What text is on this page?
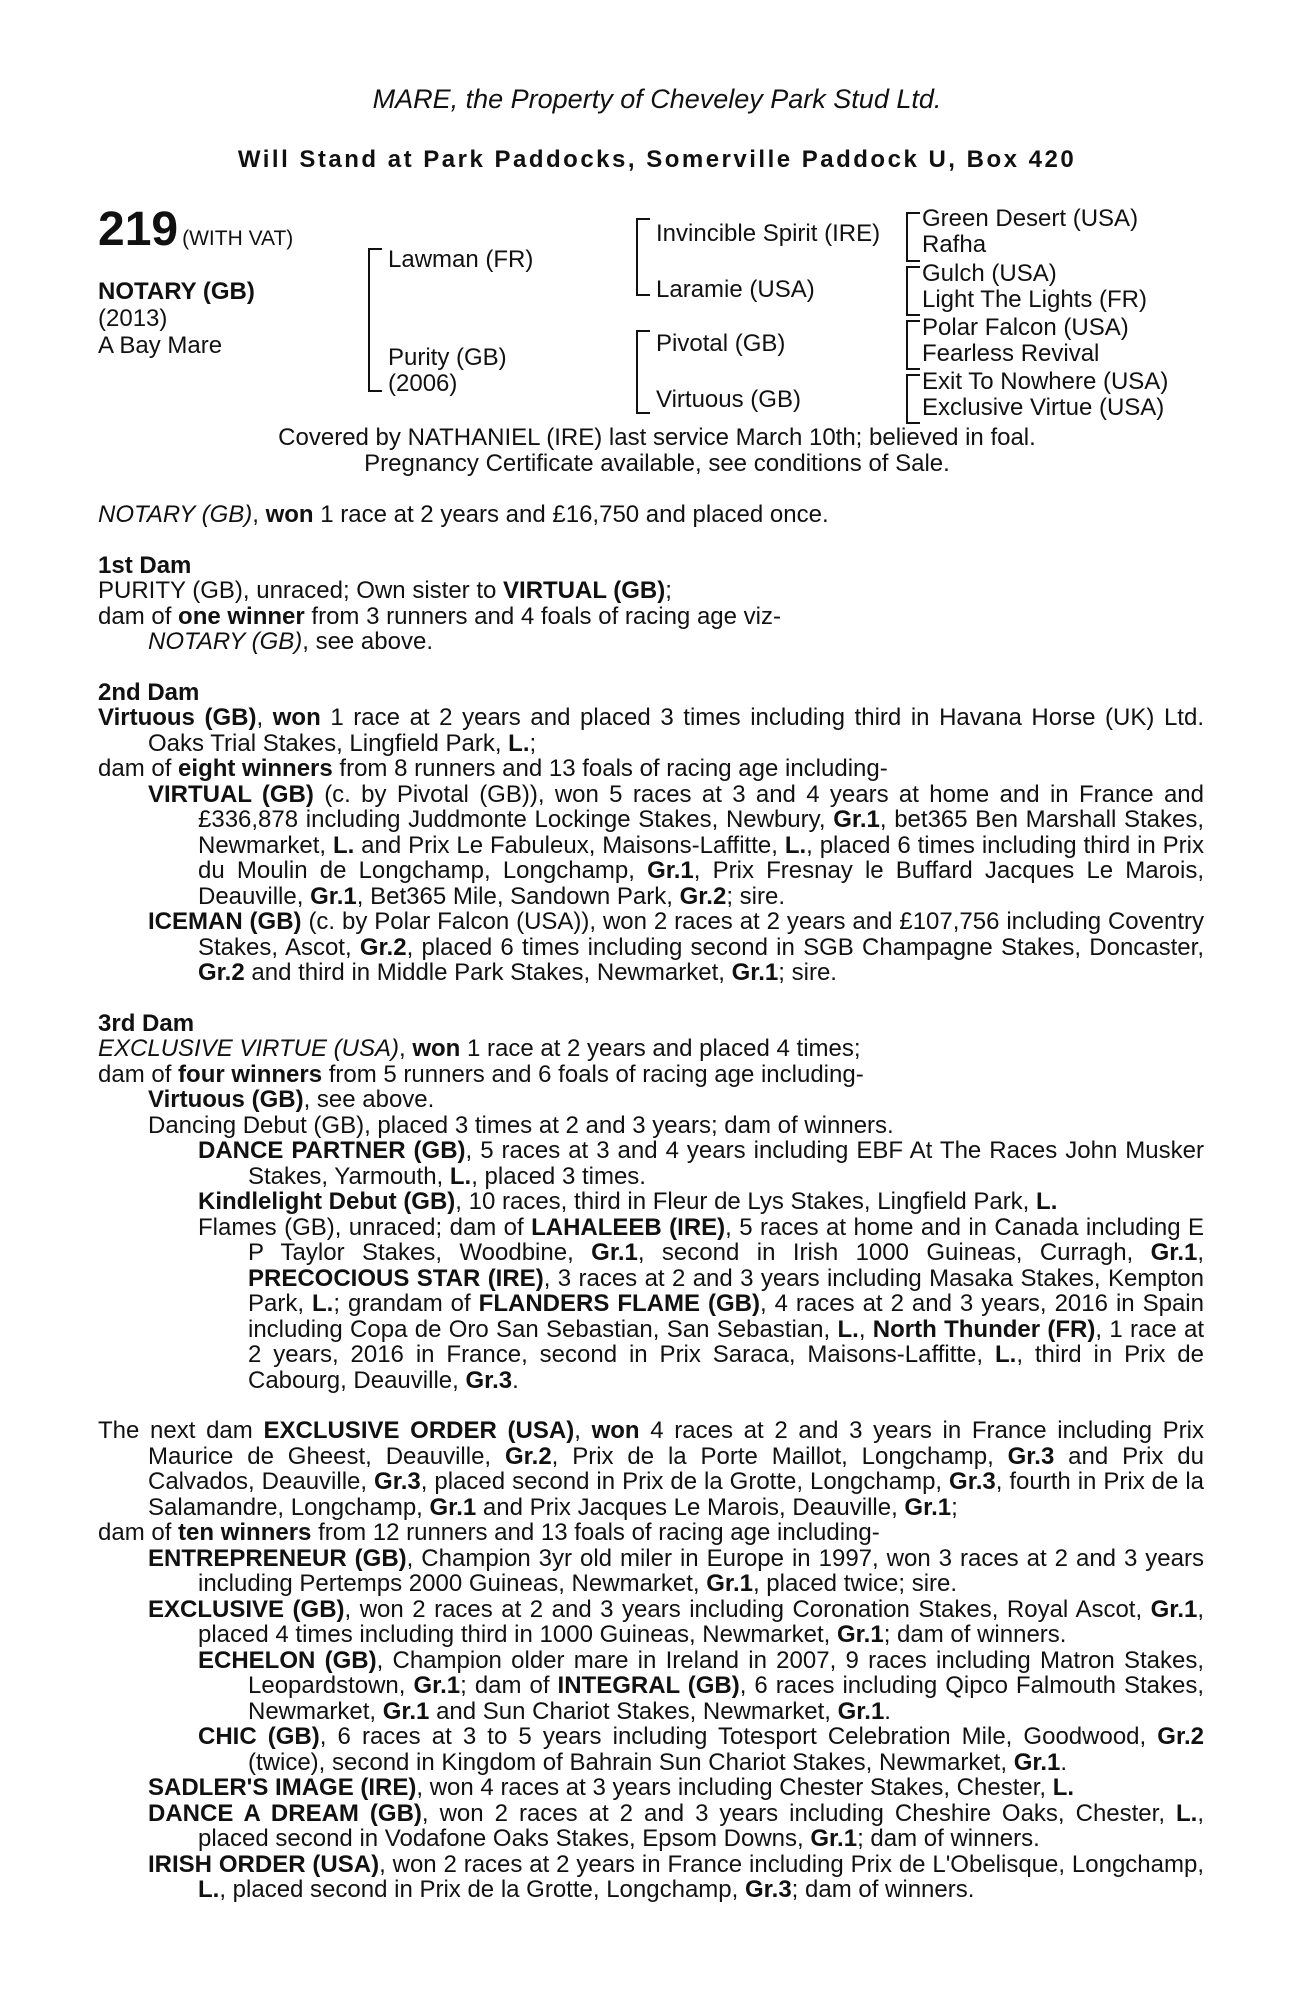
MARE, the Property of Cheveley Park Stud Ltd.
Will Stand at Park Paddocks, Somerville Paddock U, Box 420
219 (WITH VAT)
NOTARY (GB)
(2013)
A Bay Mare
Lawman (FR)
Purity (GB)
(2006)
Invincible Spirit (IRE)
Laramie (USA)
Pivotal (GB)
Virtuous (GB)
Green Desert (USA)
Rafha
Gulch (USA)
Light The Lights (FR)
Polar Falcon (USA)
Fearless Revival
Exit To Nowhere (USA)
Exclusive Virtue (USA)
Covered by NATHANIEL (IRE) last service March 10th; believed in foal.
Pregnancy Certificate available, see conditions of Sale.

NOTARY (GB), won 1 race at 2 years and £16,750 and placed once.

1st Dam

PURITY (GB), unraced; Own sister to VIRTUAL (GB);

dam of one winner from 3 runners and 4 foals of racing age viz-

NOTARY (GB), see above.

2nd Dam

Virtuous (GB), won 1 race at 2 years and placed 3 times including third in Havana Horse (UK) Ltd. Oaks Trial Stakes, Lingfield Park, L.;

dam of eight winners from 8 runners and 13 foals of racing age including-

VIRTUAL (GB) (c. by Pivotal (GB)), won 5 races at 3 and 4 years at home and in France and £336,878 including Juddmonte Lockinge Stakes, Newbury, Gr.1, bet365 Ben Marshall Stakes, Newmarket, L. and Prix Le Fabuleux, Maisons-Laffitte, L., placed 6 times including third in Prix du Moulin de Longchamp, Longchamp, Gr.1, Prix Fresnay le Buffard Jacques Le Marois, Deauville, Gr.1, Bet365 Mile, Sandown Park, Gr.2; sire.

ICEMAN (GB) (c. by Polar Falcon (USA)), won 2 races at 2 years and £107,756 including Coventry Stakes, Ascot, Gr.2, placed 6 times including second in SGB Champagne Stakes, Doncaster, Gr.2 and third in Middle Park Stakes, Newmarket, Gr.1; sire.

3rd Dam

EXCLUSIVE VIRTUE (USA), won 1 race at 2 years and placed 4 times;

dam of four winners from 5 runners and 6 foals of racing age including-

Virtuous (GB), see above.

Dancing Debut (GB), placed 3 times at 2 and 3 years; dam of winners.

DANCE PARTNER (GB), 5 races at 3 and 4 years including EBF At The Races John Musker Stakes, Yarmouth, L., placed 3 times.

Kindlelight Debut (GB), 10 races, third in Fleur de Lys Stakes, Lingfield Park, L.

Flames (GB), unraced; dam of LAHALEEB (IRE), 5 races at home and in Canada including E P Taylor Stakes, Woodbine, Gr.1, second in Irish 1000 Guineas, Curragh, Gr.1, PRECOCIOUS STAR (IRE), 3 races at 2 and 3 years including Masaka Stakes, Kempton Park, L.; grandam of FLANDERS FLAME (GB), 4 races at 2 and 3 years, 2016 in Spain including Copa de Oro San Sebastian, San Sebastian, L., North Thunder (FR), 1 race at 2 years, 2016 in France, second in Prix Saraca, Maisons-Laffitte, L., third in Prix de Cabourg, Deauville, Gr.3.

The next dam EXCLUSIVE ORDER (USA), won 4 races at 2 and 3 years in France including Prix Maurice de Gheest, Deauville, Gr.2, Prix de la Porte Maillot, Longchamp, Gr.3 and Prix du Calvados, Deauville, Gr.3, placed second in Prix de la Grotte, Longchamp, Gr.3, fourth in Prix de la Salamandre, Longchamp, Gr.1 and Prix Jacques Le Marois, Deauville, Gr.1;

dam of ten winners from 12 runners and 13 foals of racing age including-

ENTREPRENEUR (GB), Champion 3yr old miler in Europe in 1997, won 3 races at 2 and 3 years including Pertemps 2000 Guineas, Newmarket, Gr.1, placed twice; sire.

EXCLUSIVE (GB), won 2 races at 2 and 3 years including Coronation Stakes, Royal Ascot, Gr.1, placed 4 times including third in 1000 Guineas, Newmarket, Gr.1; dam of winners.

ECHELON (GB), Champion older mare in Ireland in 2007, 9 races including Matron Stakes, Leopardstown, Gr.1; dam of INTEGRAL (GB), 6 races including Qipco Falmouth Stakes, Newmarket, Gr.1 and Sun Chariot Stakes, Newmarket, Gr.1.

CHIC (GB), 6 races at 3 to 5 years including Totesport Celebration Mile, Goodwood, Gr.2 (twice), second in Kingdom of Bahrain Sun Chariot Stakes, Newmarket, Gr.1.

SADLER'S IMAGE (IRE), won 4 races at 3 years including Chester Stakes, Chester, L.

DANCE A DREAM (GB), won 2 races at 2 and 3 years including Cheshire Oaks, Chester, L., placed second in Vodafone Oaks Stakes, Epsom Downs, Gr.1; dam of winners.

IRISH ORDER (USA), won 2 races at 2 years in France including Prix de L'Obelisque, Longchamp, L., placed second in Prix de la Grotte, Longchamp, Gr.3; dam of winners.
